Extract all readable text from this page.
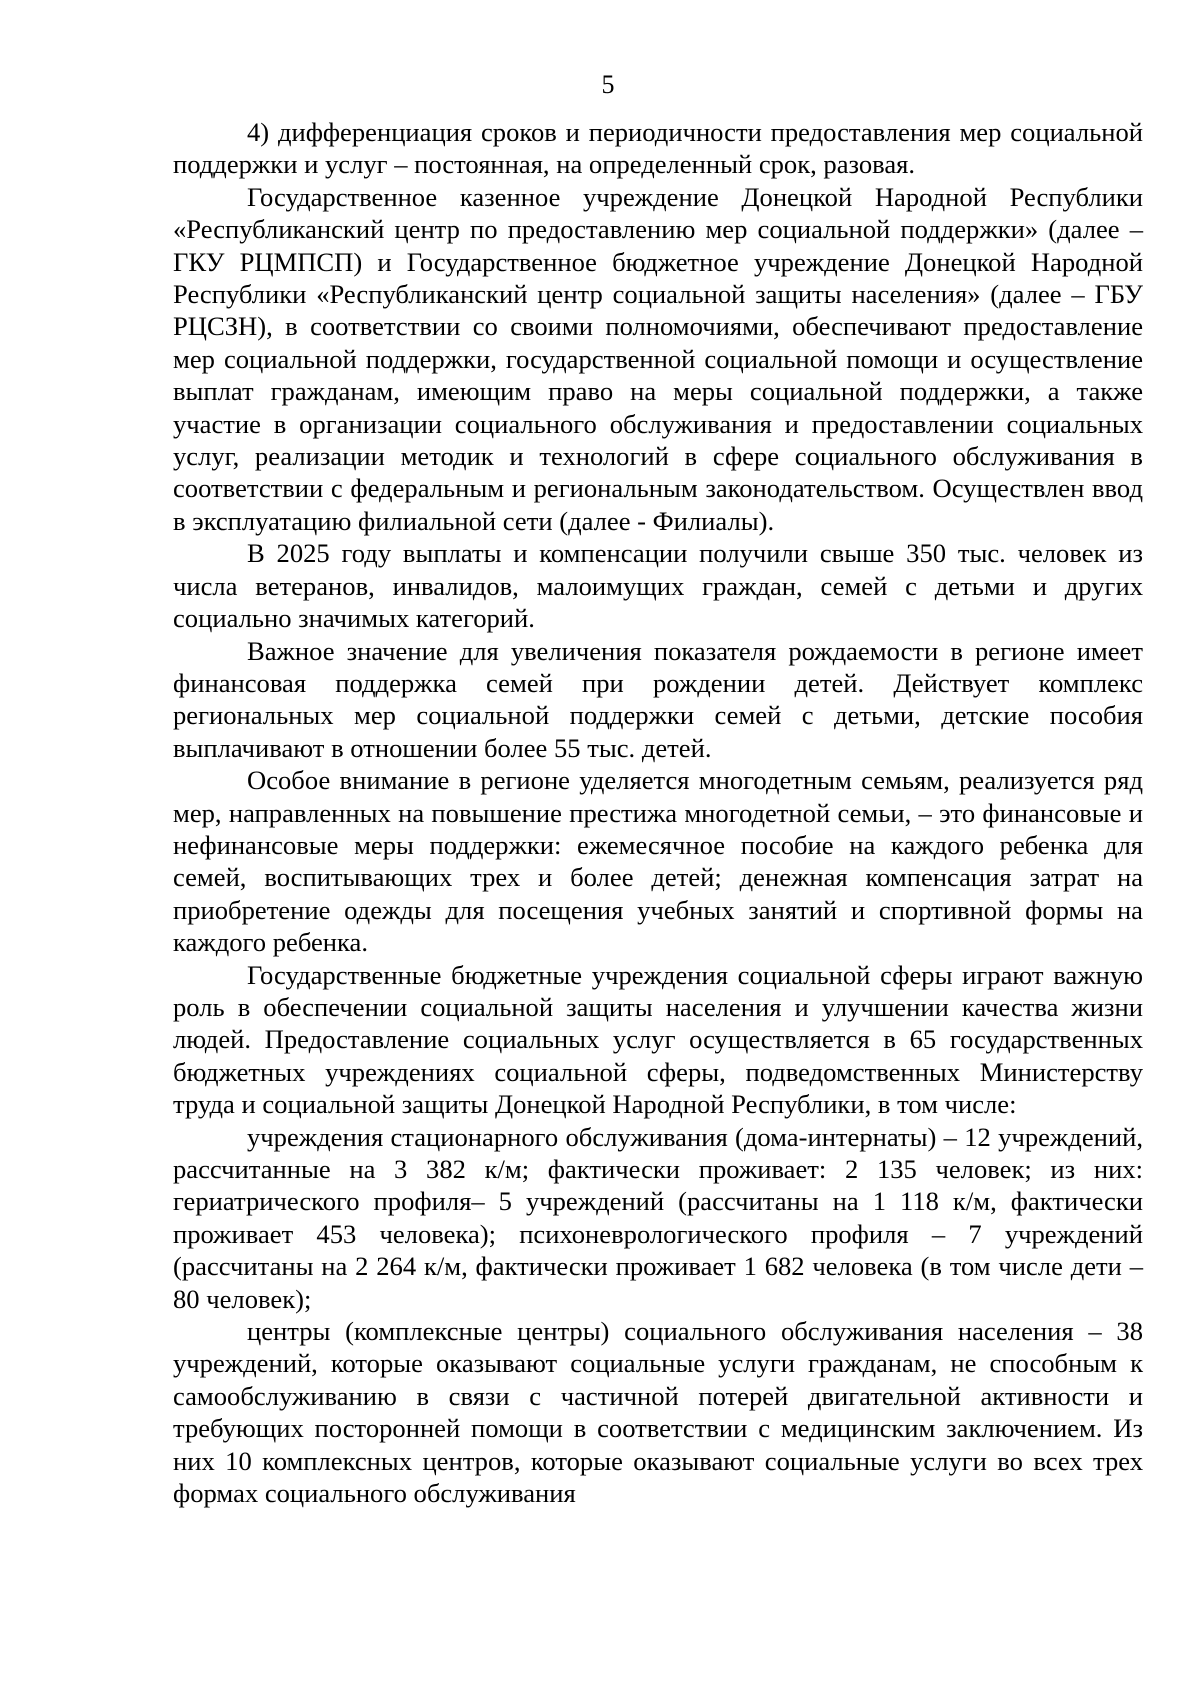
5

4) дифференциация сроков и периодичности предоставления мер социальной поддержки и услуг – постоянная, на определенный срок, разовая.

Государственное казенное учреждение Донецкой Народной Республики «Республиканский центр по предоставлению мер социальной поддержки» (далее – ГКУ РЦМПСП) и Государственное бюджетное учреждение Донецкой Народной Республики «Республиканский центр социальной защиты населения» (далее – ГБУ РЦСЗН), в соответствии со своими полномочиями, обеспечивают предоставление мер социальной поддержки, государственной социальной помощи и осуществление выплат гражданам, имеющим право на меры социальной поддержки, а также участие в организации социального обслуживания и предоставлении социальных услуг, реализации методик и технологий в сфере социального обслуживания в соответствии с федеральным и региональным законодательством. Осуществлен ввод в эксплуатацию филиальной сети (далее - Филиалы).

В 2025 году выплаты и компенсации получили свыше 350 тыс. человек из числа ветеранов, инвалидов, малоимущих граждан, семей с детьми и других социально значимых категорий.

Важное значение для увеличения показателя рождаемости в регионе имеет финансовая поддержка семей при рождении детей. Действует комплекс региональных мер социальной поддержки семей с детьми, детские пособия выплачивают в отношении более 55 тыс. детей.

Особое внимание в регионе уделяется многодетным семьям, реализуется ряд мер, направленных на повышение престижа многодетной семьи, – это финансовые и нефинансовые меры поддержки: ежемесячное пособие на каждого ребенка для семей, воспитывающих трех и более детей; денежная компенсация затрат на приобретение одежды для посещения учебных занятий и спортивной формы на каждого ребенка.

Государственные бюджетные учреждения социальной сферы играют важную роль в обеспечении социальной защиты населения и улучшении качества жизни людей. Предоставление социальных услуг осуществляется в 65 государственных бюджетных учреждениях социальной сферы, подведомственных Министерству труда и социальной защиты Донецкой Народной Республики, в том числе:

учреждения стационарного обслуживания (дома-интернаты) – 12 учреждений, рассчитанные на 3 382 к/м; фактически проживает: 2 135 человек; из них: гериатрического профиля– 5 учреждений (рассчитаны на 1 118 к/м, фактически проживает 453 человека); психоневрологического профиля – 7 учреждений (рассчитаны на 2 264 к/м, фактически проживает 1 682 человека (в том числе дети – 80 человек);

центры (комплексные центры) социального обслуживания населения – 38 учреждений, которые оказывают социальные услуги гражданам, не способным к самообслуживанию в связи с частичной потерей двигательной активности и требующих посторонней помощи в соответствии с медицинским заключением. Из них 10 комплексных центров, которые оказывают социальные услуги во всех трех формах социального обслуживания
